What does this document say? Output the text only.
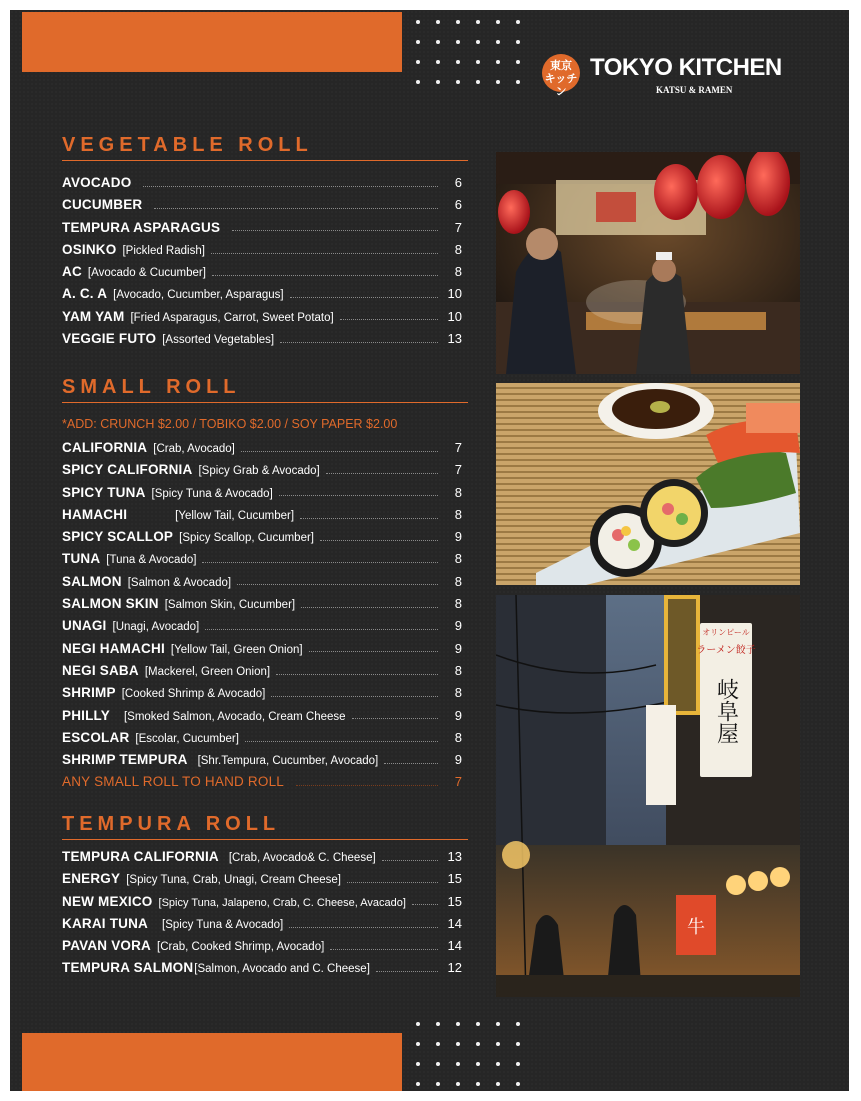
東京
キッチン
TOKYO KITCHEN
KATSU & RAMEN
VEGETABLE ROLL
AVOCADO	6
CUCUMBER	6
TEMPURA ASPARAGUS	7
OSINKO [Pickled Radish]	8
AC [Avocado & Cucumber]	8
A. C. A [Avocado, Cucumber, Asparagus]	10
YAM YAM [Fried Asparagus, Carrot, Sweet Potato]	10
VEGGIE FUTO [Assorted Vegetables]	13
SMALL ROLL
*ADD: CRUNCH $2.00 / TOBIKO $2.00 / SOY PAPER $2.00
CALIFORNIA [Crab, Avocado]	7
SPICY CALIFORNIA [Spicy Grab & Avocado]	7
SPICY TUNA [Spicy Tuna & Avocado]	8
HAMACHI	[Yellow Tail, Cucumber]	8
SPICY SCALLOP [Spicy Scallop, Cucumber]	9
TUNA [Tuna & Avocado]	8
SALMON [Salmon & Avocado]	8
SALMON SKIN [Salmon Skin, Cucumber]	8
UNAGI [Unagi, Avocado]	9
NEGI HAMACHI [Yellow Tail, Green Onion]	9
NEGI SABA [Mackerel, Green Onion]	8
SHRIMP [Cooked Shrimp & Avocado]	8
PHILLY [Smoked Salmon, Avocado, Cream Cheese	9
ESCOLAR [Escolar, Cucumber]	8
SHRIMP TEMPURA [Shr.Tempura, Cucumber, Avocado]	9
ANY SMALL ROLL TO HAND ROLL	7
TEMPURA ROLL
TEMPURA CALIFORNIA [Crab, Avocado& C. Cheese]	13
ENERGY [Spicy Tuna, Crab, Unagi, Cream Cheese]	15
NEW MEXICO [Spicy Tuna, Jalapeno, Crab, C. Cheese, Avacado]	15
KARAI TUNA [Spicy Tuna & Avocado]	14
PAVAN VORA [Crab, Cooked Shrimp, Avocado]	14
TEMPURA SALMON [Salmon, Avocado and C. Cheese]	12
オリンピール
ラーメン餃子
岐阜屋
牛
